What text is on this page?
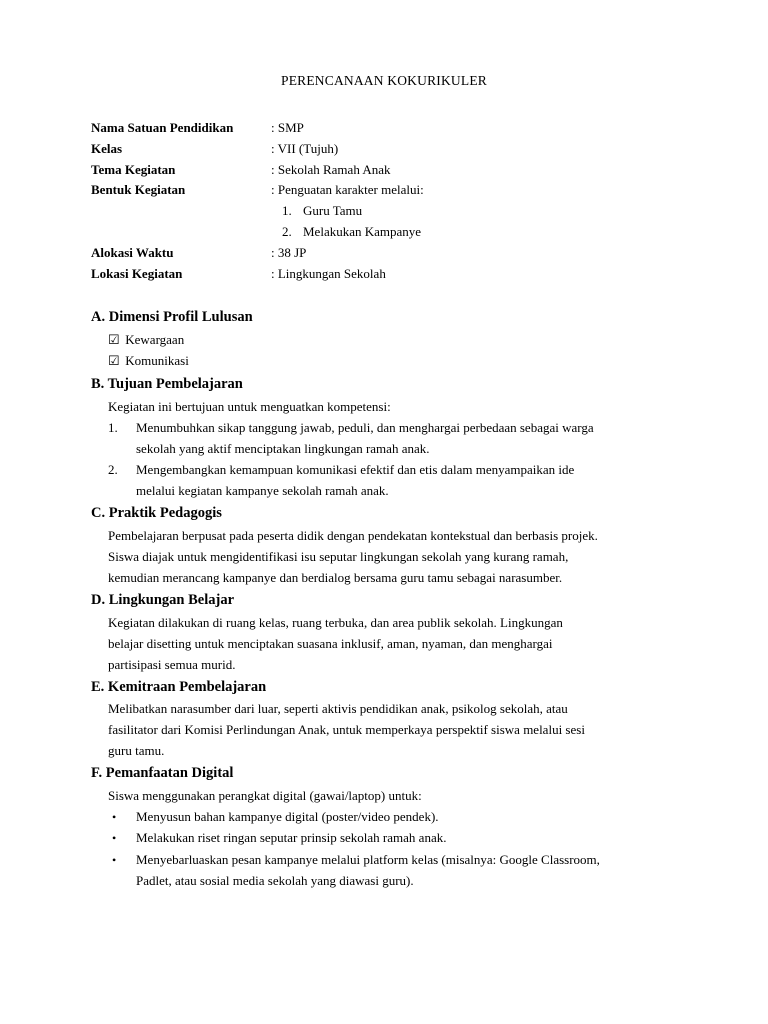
PERENCANAAN KOKURIKULER
Nama Satuan Pendidikan	: SMP
Kelas	: VII (Tujuh)
Tema Kegiatan	: Sekolah Ramah Anak
Bentuk Kegiatan	: Penguatan karakter melalui:
1. Guru Tamu
2. Melakukan Kampanye
Alokasi Waktu	: 38 JP
Lokasi Kegiatan	: Lingkungan Sekolah
A. Dimensi Profil Lulusan
☑ Kewargaan
☑ Komunikasi
B. Tujuan Pembelajaran
Kegiatan ini bertujuan untuk menguatkan kompetensi:
1. Menumbuhkan sikap tanggung jawab, peduli, dan menghargai perbedaan sebagai warga
sekolah yang aktif menciptakan lingkungan ramah anak.
2. Mengembangkan kemampuan komunikasi efektif dan etis dalam menyampaikan ide
melalui kegiatan kampanye sekolah ramah anak.
C. Praktik Pedagogis
Pembelajaran berpusat pada peserta didik dengan pendekatan kontekstual dan berbasis projek.
Siswa diajak untuk mengidentifikasi isu seputar lingkungan sekolah yang kurang ramah,
kemudian merancang kampanye dan berdialog bersama guru tamu sebagai narasumber.
D. Lingkungan Belajar
Kegiatan dilakukan di ruang kelas, ruang terbuka, dan area publik sekolah. Lingkungan
belajar disetting untuk menciptakan suasana inklusif, aman, nyaman, dan menghargai
partisipasi semua murid.
E. Kemitraan Pembelajaran
Melibatkan narasumber dari luar, seperti aktivis pendidikan anak, psikolog sekolah, atau
fasilitator dari Komisi Perlindungan Anak, untuk memperkaya perspektif siswa melalui sesi
guru tamu.
F. Pemanfaatan Digital
Siswa menggunakan perangkat digital (gawai/laptop) untuk:
• Menyusun bahan kampanye digital (poster/video pendek).
• Melakukan riset ringan seputar prinsip sekolah ramah anak.
• Menyebarluaskan pesan kampanye melalui platform kelas (misalnya: Google Classroom,
Padlet, atau sosial media sekolah yang diawasi guru).
